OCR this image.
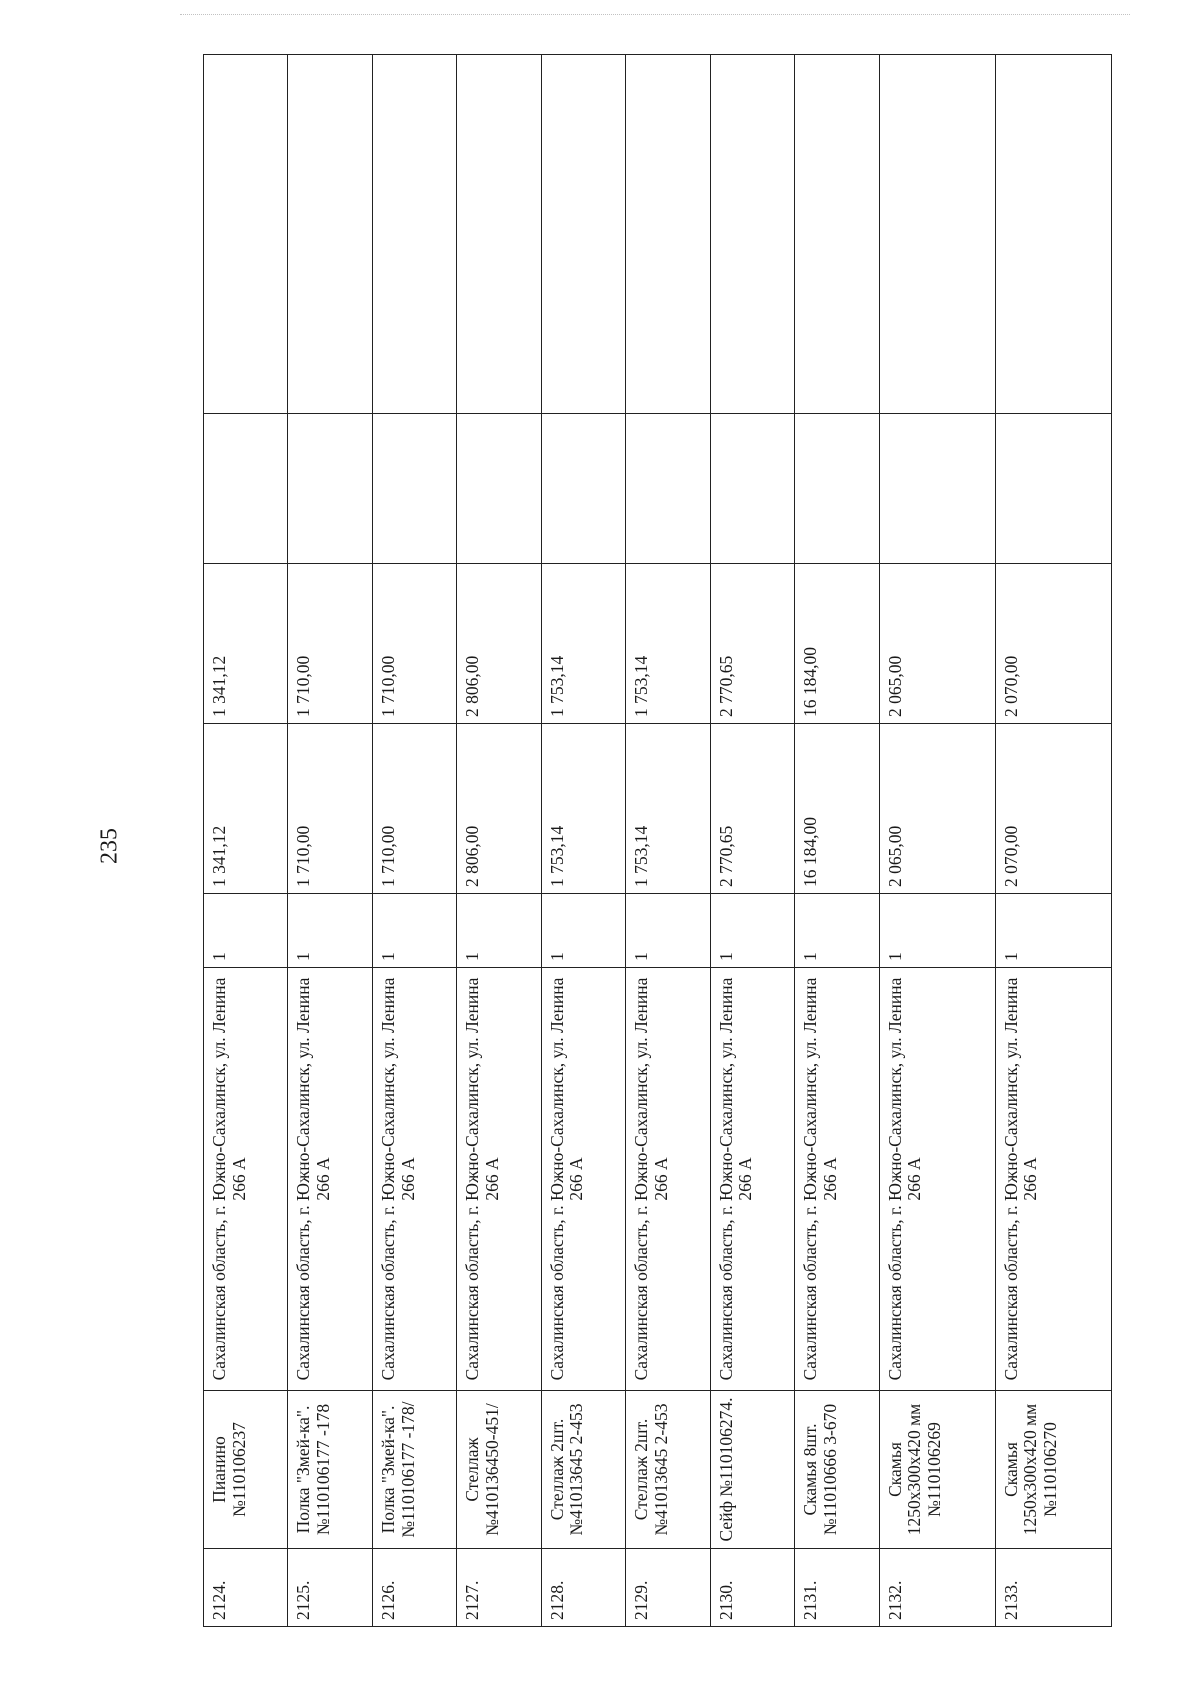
235
2124.	Пианино №110106237	Сахалинская область, г. Южно-Сахалинск, ул. Ленина 266 А	1	1 341,12	1 341,12		
2125.	Полка "Змей-ка".№110106177 -178	Сахалинская область, г. Южно-Сахалинск, ул. Ленина 266 А	1	1 710,00	1 710,00		
2126.	Полка "Змей-ка".№110106177 -178/	Сахалинская область, г. Южно-Сахалинск, ул. Ленина 266 А	1	1 710,00	1 710,00		
2127.	Стеллаж №410136450-451/	Сахалинская область, г. Южно-Сахалинск, ул. Ленина 266 А	1	2 806,00	2 806,00		
2128.	Стеллаж 2шт.№41013645 2-453	Сахалинская область, г. Южно-Сахалинск, ул. Ленина 266 А	1	1 753,14	1 753,14		
2129.	Стеллаж 2шт.№41013645 2-453	Сахалинская область, г. Южно-Сахалинск, ул. Ленина 266 А	1	1 753,14	1 753,14		
2130.	Сейф №110106274.	Сахалинская область, г. Южно-Сахалинск, ул. Ленина 266 А	1	2 770,65	2 770,65		
2131.	Скамья 8шт.№11010666 3-670	Сахалинская область, г. Южно-Сахалинск, ул. Ленина 266 А	1	16 184,00	16 184,00		
2132.	Скамья 1250x300x420 мм №110106269	Сахалинская область, г. Южно-Сахалинск, ул. Ленина 266 А	1	2 065,00	2 065,00		
2133.	Скамья 1250x300x420 мм №110106270	Сахалинская область, г. Южно-Сахалинск, ул. Ленина 266 А	1	2 070,00	2 070,00		
